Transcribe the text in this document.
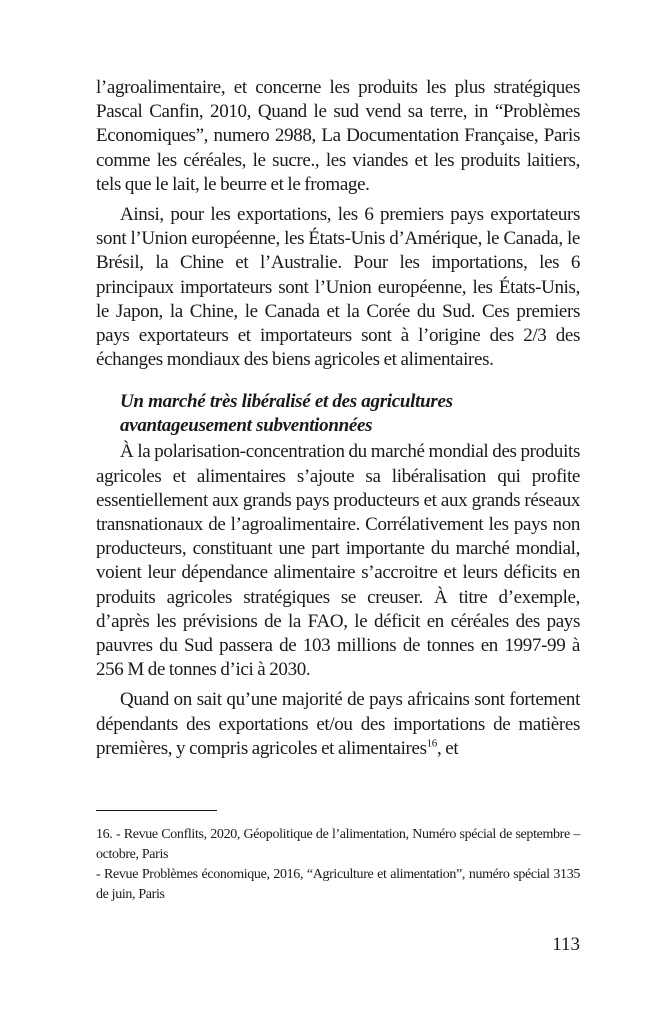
l’agroalimentaire, et concerne les produits les plus stratégiques Pascal Canfin, 2010, Quand le sud vend sa terre, in “Problèmes Economiques”, numero 2988, La Documentation Française, Paris comme les céréales, le sucre., les viandes et les produits laitiers, tels que le lait, le beurre et le fromage.

Ainsi, pour les exportations, les 6 premiers pays exportateurs sont l’Union européenne, les États-Unis d’Amérique, le Canada, le Brésil, la Chine et l’Australie. Pour les importations, les 6 principaux importateurs sont l’Union européenne, les États-Unis, le Japon, la Chine, le Canada et la Corée du Sud. Ces premiers pays exportateurs et importateurs sont à l’origine des 2/3 des échanges mondiaux des biens agricoles et alimentaires.

Un marché très libéralisé et des agricultures avantageusement subventionnées

À la polarisation-concentration du marché mondial des produits agricoles et alimentaires s’ajoute sa libéralisation qui profite essentiellement aux grands pays producteurs et aux grands réseaux transnationaux de l’agroalimentaire. Corrélativement les pays non producteurs, constituant une part importante du marché mondial, voient leur dépendance alimentaire s’accroitre et leurs déficits en produits agricoles stratégiques se creuser. À titre d’exemple, d’après les prévisions de la FAO, le déficit en céréales des pays pauvres du Sud passera de 103 millions de tonnes en 1997-99 à 256 M de tonnes d’ici à 2030.

Quand on sait qu’une majorité de pays africains sont fortement dépendants des exportations et/ou des importations de matières premières, y compris agricoles et alimentaires$^{16}$, et

16. - Revue Conflits, 2020, Géopolitique de l’alimentation, Numéro spécial de septembre –octobre, Paris

- Revue Problèmes économique, 2016, “Agriculture et alimentation”, numéro spécial 3135 de juin, Paris

113
